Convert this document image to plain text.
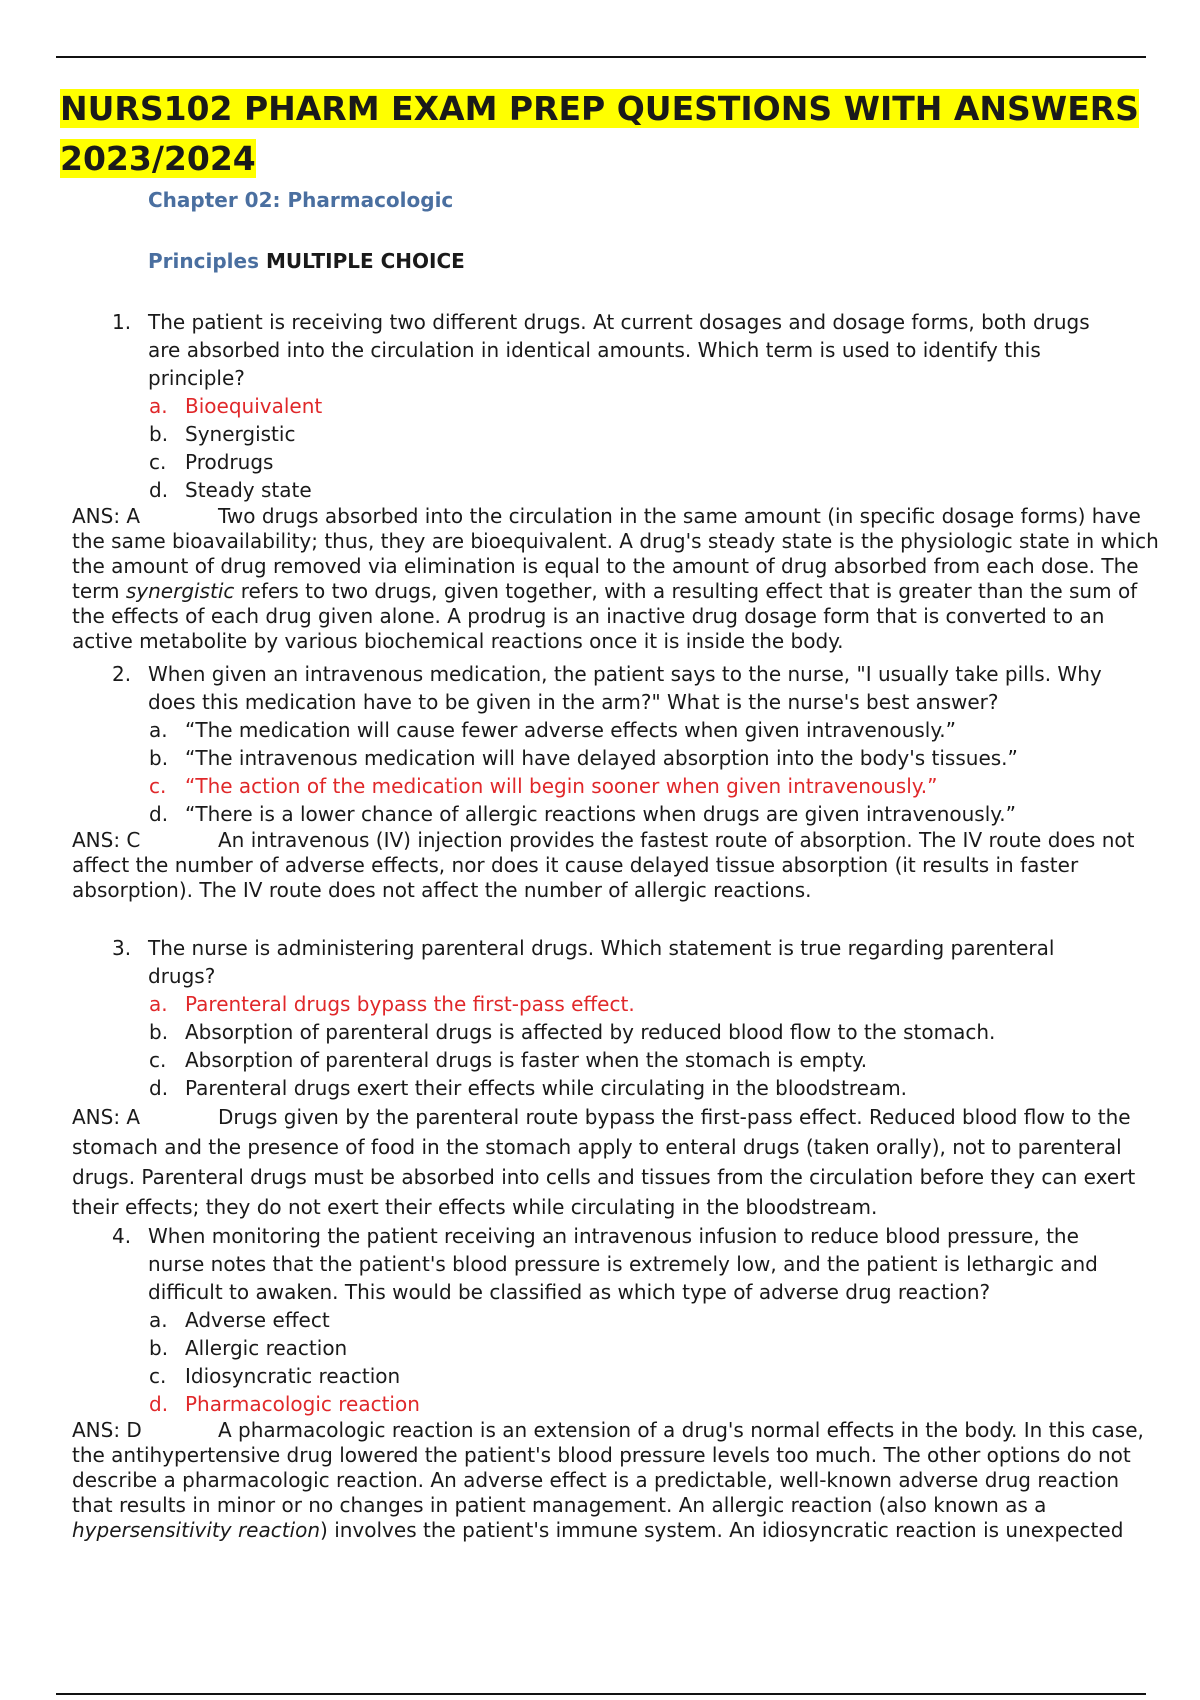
NURS102 PHARM EXAM PREP QUESTIONS WITH ANSWERS 2023/2024
Chapter 02: Pharmacologic
Principles MULTIPLE CHOICE
1. The patient is receiving two different drugs. At current dosages and dosage forms, both drugs are absorbed into the circulation in identical amounts. Which term is used to identify this principle?
a. Bioequivalent
b. Synergistic
c. Prodrugs
d. Steady state

ANS: A	Two drugs absorbed into the circulation in the same amount (in specific dosage forms) have the same bioavailability; thus, they are bioequivalent. A drug's steady state is the physiologic state in which the amount of drug removed via elimination is equal to the amount of drug absorbed from each dose. The term synergistic refers to two drugs, given together, with a resulting effect that is greater than the sum of the effects of each drug given alone. A prodrug is an inactive drug dosage form that is converted to an active metabolite by various biochemical reactions once it is inside the body.

2. When given an intravenous medication, the patient says to the nurse, "I usually take pills. Why does this medication have to be given in the arm?" What is the nurse's best answer?
a. “The medication will cause fewer adverse effects when given intravenously.”
b. “The intravenous medication will have delayed absorption into the body's tissues.”
c. “The action of the medication will begin sooner when given intravenously.”
d. “There is a lower chance of allergic reactions when drugs are given intravenously.”

ANS: C	An intravenous (IV) injection provides the fastest route of absorption. The IV route does not affect the number of adverse effects, nor does it cause delayed tissue absorption (it results in faster absorption). The IV route does not affect the number of allergic reactions.

3. The nurse is administering parenteral drugs. Which statement is true regarding parenteral drugs?
a. Parenteral drugs bypass the first-pass effect.
b. Absorption of parenteral drugs is affected by reduced blood flow to the stomach.
c. Absorption of parenteral drugs is faster when the stomach is empty.
d. Parenteral drugs exert their effects while circulating in the bloodstream.

ANS: A	Drugs given by the parenteral route bypass the first-pass effect. Reduced blood flow to the stomach and the presence of food in the stomach apply to enteral drugs (taken orally), not to parenteral drugs. Parenteral drugs must be absorbed into cells and tissues from the circulation before they can exert their effects; they do not exert their effects while circulating in the bloodstream.

4. When monitoring the patient receiving an intravenous infusion to reduce blood pressure, the nurse notes that the patient's blood pressure is extremely low, and the patient is lethargic and difficult to awaken. This would be classified as which type of adverse drug reaction?
a. Adverse effect
b. Allergic reaction
c. Idiosyncratic reaction
d. Pharmacologic reaction

ANS: D	A pharmacologic reaction is an extension of a drug's normal effects in the body. In this case, the antihypertensive drug lowered the patient's blood pressure levels too much. The other options do not describe a pharmacologic reaction. An adverse effect is a predictable, well-known adverse drug reaction that results in minor or no changes in patient management. An allergic reaction (also known as a hypersensitivity reaction) involves the patient's immune system. An idiosyncratic reaction is unexpected
